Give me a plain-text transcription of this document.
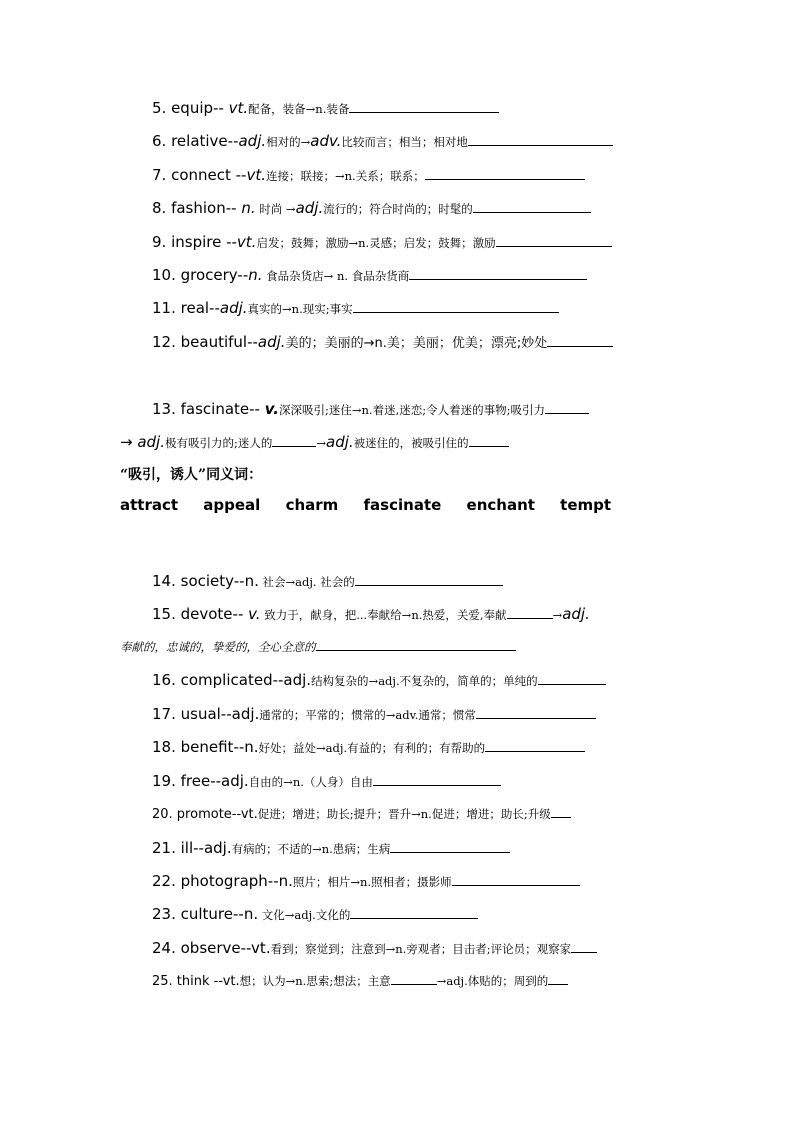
5. equip-- vt.配备，装备→n.装备
6. relative--adj.相对的→adv.比较而言；相当；相对地
7. connect --vt.连接；联接；→n.关系；联系；
8. fashion-- n. 时尚 →adj.流行的；符合时尚的；时髦的
9. inspire --vt.启发；鼓舞；激励→n.灵感；启发；鼓舞；激励
10. grocery--n. 食品杂货店→ n. 食品杂货商
11. real--adj.真实的→n.现实;事实
12. beautiful--adj.美的；美丽的→n.美；美丽；优美；漂亮;妙处
13. fascinate-- v.深深吸引;迷住→n.着迷,迷恋;令人着迷的事物;吸引力
→ adj.极有吸引力的;迷人的	→adj.被迷住的，被吸引住的
“吸引，诱人”同义词：
attract appeal charm fascinate enchant tempt
14. society--n. 社会→adj. 社会的
15. devote-- v. 致力于，献身，把...奉献给→n.热爱，关爱,奉献	→adj.
奉献的，忠诚的，挚爱的，全心全意的
16. complicated--adj.结构复杂的→adj.不复杂的，简单的；单纯的
17. usual--adj.通常的；平常的；惯常的→adv.通常；惯常
18. benefit--n.好处；益处→adj.有益的；有利的；有帮助的
19. free--adj.自由的→n.（人身）自由
20. promote--vt.促进；增进；助长;提升；晋升→n.促进；增进；助长;升级
21. ill--adj.有病的；不适的→n.患病；生病
22. photograph--n.照片；相片→n.照相者；摄影师
23. culture--n. 文化→adj.文化的
24. observe--vt.看到；察觉到；注意到→n.旁观者；目击者;评论员；观察家
25. think --vt.想；认为→n.思索;想法；主意	→adj.体贴的；周到的
